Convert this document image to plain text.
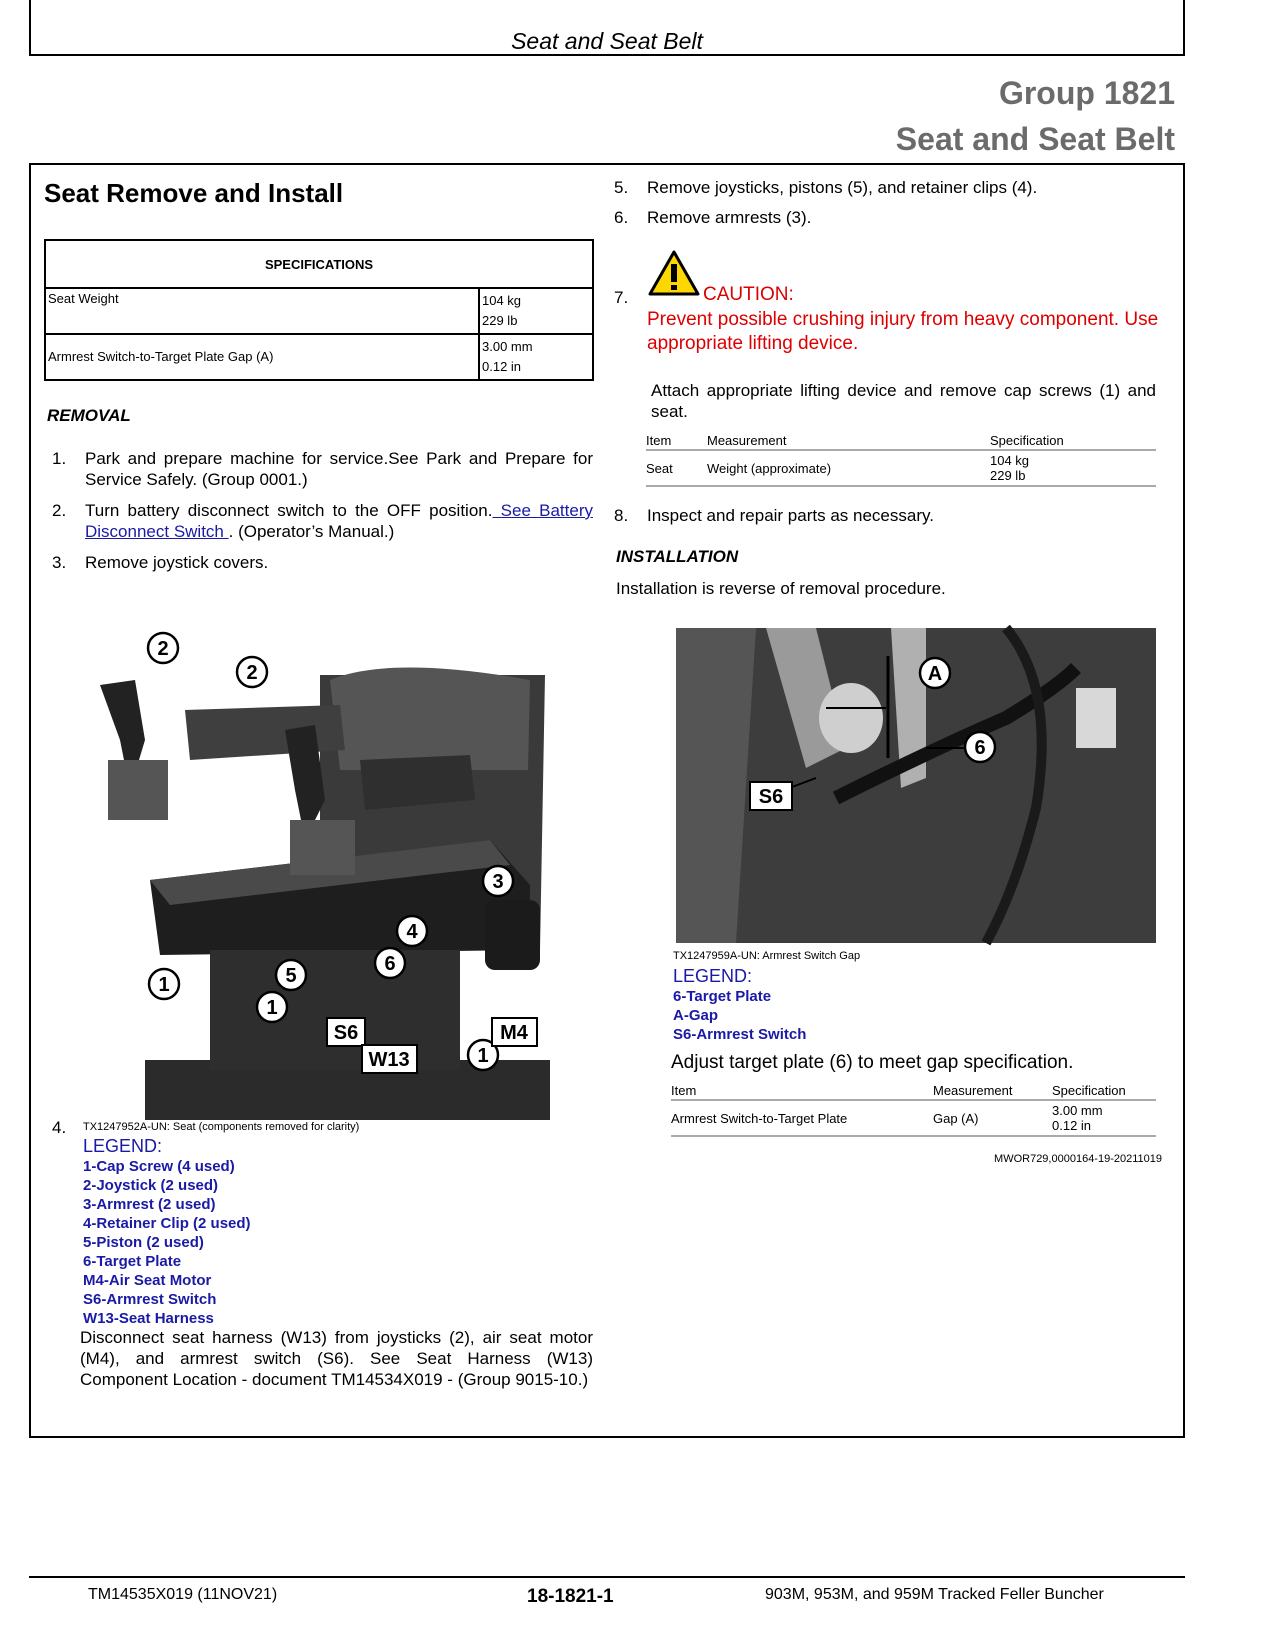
Seat and Seat Belt
Group 1821
Seat and Seat Belt
Seat Remove and Install
SPECIFICATIONS	
Seat Weight	104 kg
229 lb

Armrest Switch-to-Target Plate Gap (A)	3.00 mm
0.12 in
REMOVAL
1. Park and prepare machine for service.See Park and Prepare for Service Safely. (Group 0001.)
2. Turn battery disconnect switch to the OFF position. See Battery Disconnect Switch . (Operator’s Manual.)
3. Remove joystick covers.
2
2
3
4
5
6
1
1
1
S6
W13
M4
4. TX1247952A-UN: Seat (components removed for clarity)
LEGEND:
1-Cap Screw (4 used)
2-Joystick (2 used)
3-Armrest (2 used)
4-Retainer Clip (2 used)
5-Piston (2 used)
6-Target Plate
M4-Air Seat Motor
S6-Armrest Switch
W13-Seat Harness
Disconnect seat harness (W13) from joysticks (2), air seat motor (M4), and armrest switch (S6). See Seat Harness (W13) Component Location - document TM14534X019 - (Group 9015-10.)
5. Remove joysticks, pistons (5), and retainer clips (4).
6. Remove armrests (3).
7.	CAUTION:
Prevent possible crushing injury from heavy component. Use appropriate lifting device.
Attach appropriate lifting device and remove cap screws (1) and seat.
Item	Measurement	Specification
Seat	Weight (approximate)	104 kg
229 lb
8. Inspect and repair parts as necessary.
INSTALLATION
Installation is reverse of removal procedure.
A
6
S6
TX1247959A-UN: Armrest Switch Gap
LEGEND:
6-Target Plate
A-Gap
S6-Armrest Switch
Adjust target plate (6) to meet gap specification.
Item	Measurement	Specification
Armrest Switch-to-Target Plate	Gap (A)	3.00 mm
0.12 in
MWOR729,0000164-19-20211019
TM14535X019 (11NOV21)	18-1821-1	903M, 953M, and 959M Tracked Feller Buncher
